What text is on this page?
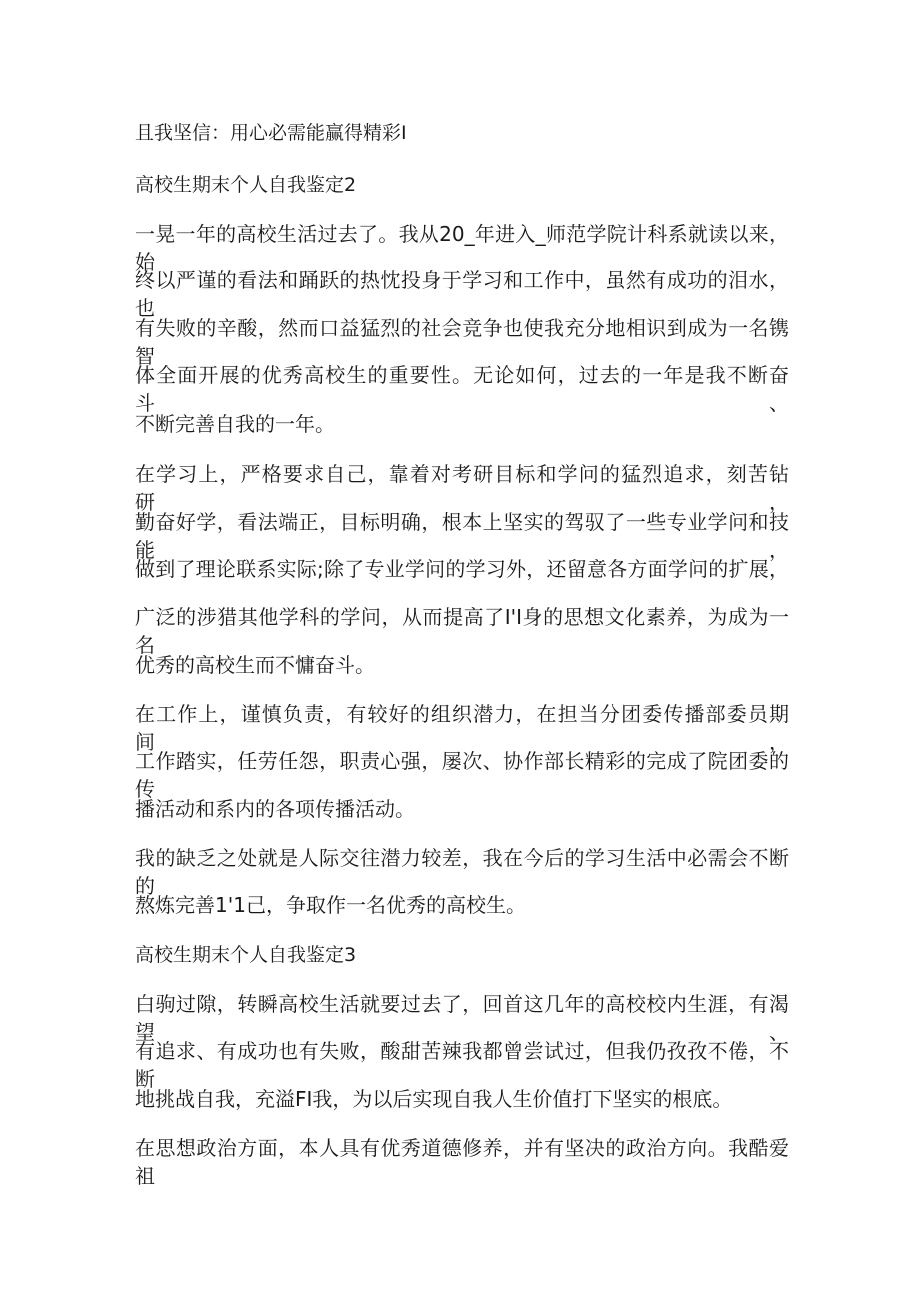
且我坚信：用心必需能赢得精彩I
高校生期末个人自我鉴定2
一晃一年的高校生活过去了。我从20_年进入_师范学院计科系就读以来，始
终以严谨的看法和踊跃的热忱投身于学习和工作中，虽然有成功的泪水，也
有失败的辛酸，然而口益猛烈的社会竞争也使我充分地相识到成为一名镌智
体全面开展的优秀高校生的重要性。无论如何，过去的一年是我不断奋斗、
不断完善自我的一年。
在学习上，严格要求自己，靠着对考研目标和学问的猛烈追求，刻苦钻研，
勤奋好学，看法端正，目标明确，根本上坚实的驾驭了一些专业学问和技能，
做到了理论联系实际;除了专业学问的学习外，还留意各方面学问的扩展，
广泛的涉猎其他学科的学问，从而提高了I'I身的思想文化素养，为成为一名
优秀的高校生而不慵奋斗。
在工作上，谨慎负责，有较好的组织潜力，在担当分团委传播部委员期间，
工作踏实，任劳任怨，职责心强，屡次、协作部长精彩的完成了院团委的传
播活动和系内的各项传播活动。
我的缺乏之处就是人际交往潜力较差，我在今后的学习生活中必需会不断的
熬炼完善1'1己，争取作一名优秀的高校生。
高校生期末个人自我鉴定3
白驹过隙，转瞬高校生活就要过去了，回首这几年的高校校内生涯，有渴望、
有追求、有成功也有失败，酸甜苦辣我都曾尝试过，但我仍孜孜不倦，不断
地挑战自我，充溢FI我，为以后实现自我人生价值打下坚实的根底。
在思想政治方面，本人具有优秀道德修养，并有坚决的政治方向。我酷爱祖
